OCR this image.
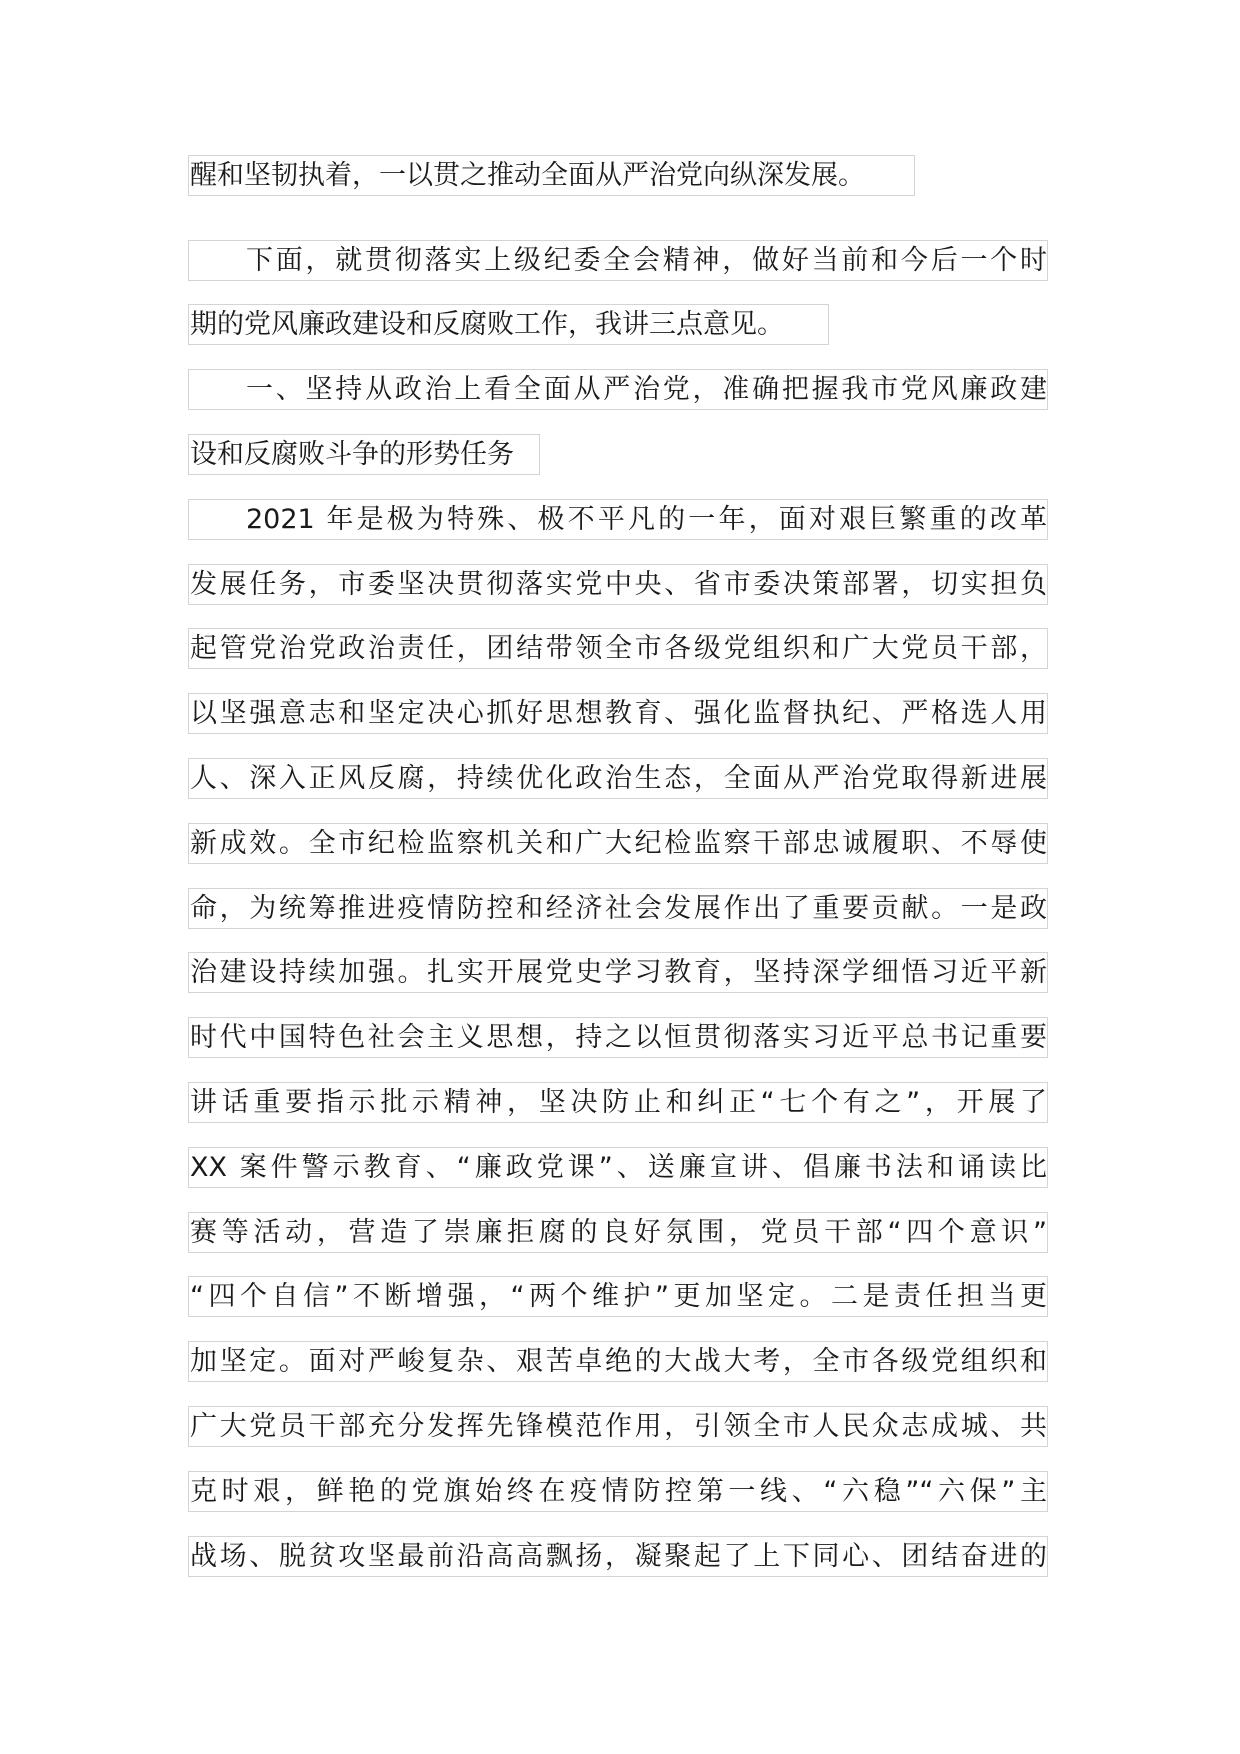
醒和坚韧执着，一以贯之推动全面从严治党向纵深发展。
下面，就贯彻落实上级纪委全会精神，做好当前和今后一个时
期的党风廉政建设和反腐败工作，我讲三点意见。
一、坚持从政治上看全面从严治党，准确把握我市党风廉政建
设和反腐败斗争的形势任务
2021 年是极为特殊、极不平凡的一年，面对艰巨繁重的改革
发展任务，市委坚决贯彻落实党中央、省市委决策部署，切实担负
起管党治党政治责任，团结带领全市各级党组织和广大党员干部，
以坚强意志和坚定决心抓好思想教育、强化监督执纪、严格选人用
人、深入正风反腐，持续优化政治生态，全面从严治党取得新进展
新成效。全市纪检监察机关和广大纪检监察干部忠诚履职、不辱使
命，为统筹推进疫情防控和经济社会发展作出了重要贡献。一是政
治建设持续加强。扎实开展党史学习教育，坚持深学细悟习近平新
时代中国特色社会主义思想，持之以恒贯彻落实习近平总书记重要
讲话重要指示批示精神，坚决防止和纠正“七个有之”，开展了
XX 案件警示教育、“廉政党课”、送廉宣讲、倡廉书法和诵读比
赛等活动，营造了崇廉拒腐的良好氛围，党员干部“四个意识”
“四个自信”不断增强，“两个维护”更加坚定。二是责任担当更
加坚定。面对严峻复杂、艰苦卓绝的大战大考，全市各级党组织和
广大党员干部充分发挥先锋模范作用，引领全市人民众志成城、共
克时艰，鲜艳的党旗始终在疫情防控第一线、“六稳”“六保”主
战场、脱贫攻坚最前沿高高飘扬，凝聚起了上下同心、团结奋进的
